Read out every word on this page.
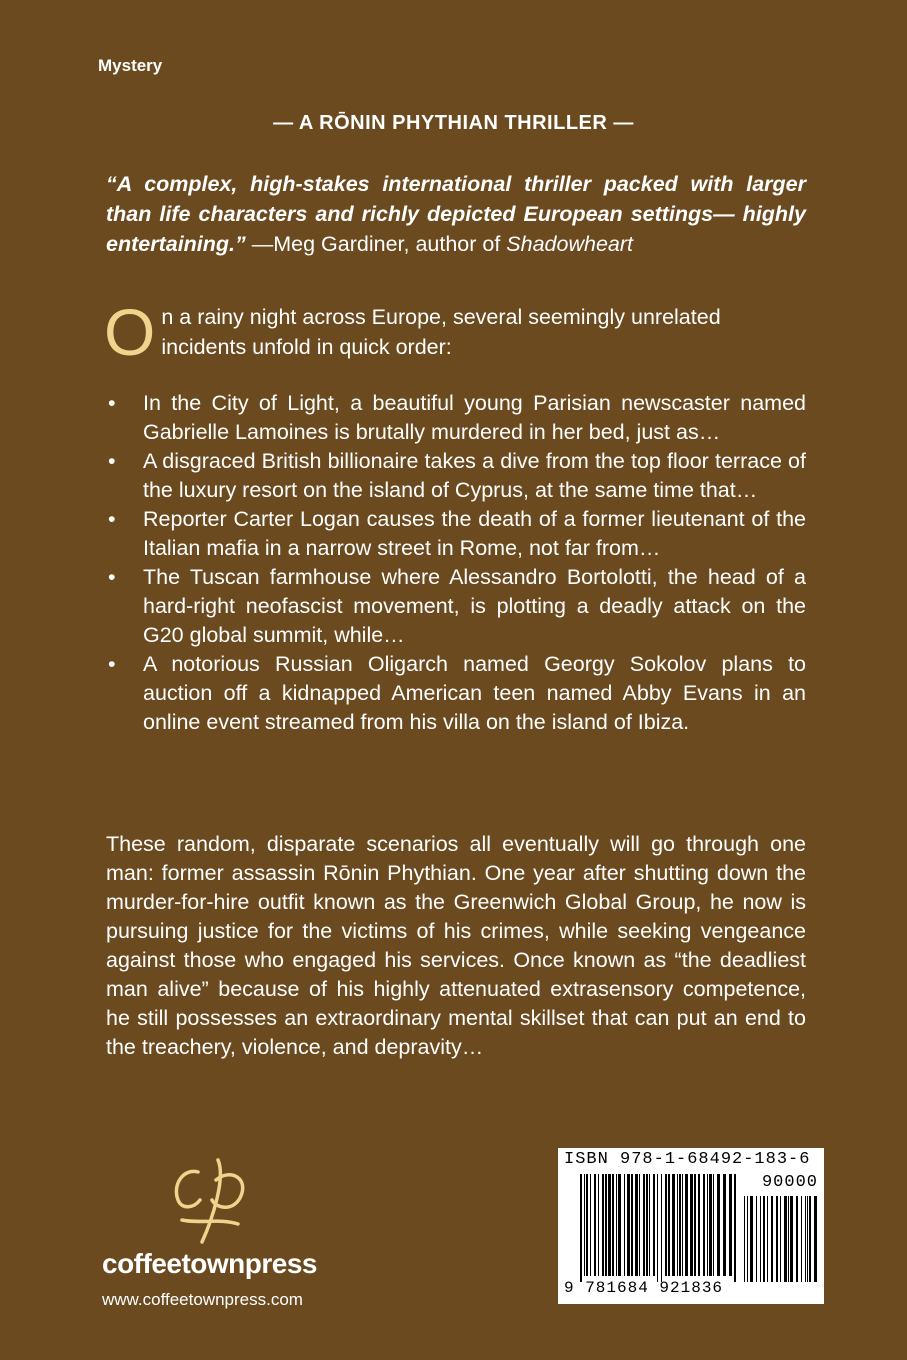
Mystery
— A RŌNIN PHYTHIAN THRILLER —
“A complex, high-stakes international thriller packed with larger than life characters and richly depicted European settings— highly entertaining.” —Meg Gardiner, author of Shadowheart
O n a rainy night across Europe, several seemingly unrelated incidents unfold in quick order:
• In the City of Light, a beautiful young Parisian newscaster named Gabrielle Lamoines is brutally murdered in her bed, just as…
• A disgraced British billionaire takes a dive from the top floor terrace of the luxury resort on the island of Cyprus, at the same time that…
• Reporter Carter Logan causes the death of a former lieutenant of the Italian mafia in a narrow street in Rome, not far from…
• The Tuscan farmhouse where Alessandro Bortolotti, the head of a hard-right neofascist movement, is plotting a deadly attack on the G20 global summit, while…
• A notorious Russian Oligarch named Georgy Sokolov plans to auction off a kidnapped American teen named Abby Evans in an online event streamed from his villa on the island of Ibiza.
These random, disparate scenarios all eventually will go through one man: former assassin Rōnin Phythian. One year after shutting down the murder-for-hire outfit known as the Greenwich Global Group, he now is pursuing justice for the victims of his crimes, while seeking vengeance against those who engaged his services. Once known as “the deadliest man alive” because of his highly attenuated extrasensory competence, he still possesses an extraordinary mental skillset that can put an end to the treachery, violence, and depravity…
coffeetownpress
www.coffeetownpress.com
ISBN 978-1-68492-183-6
90000
9 781684 921836
